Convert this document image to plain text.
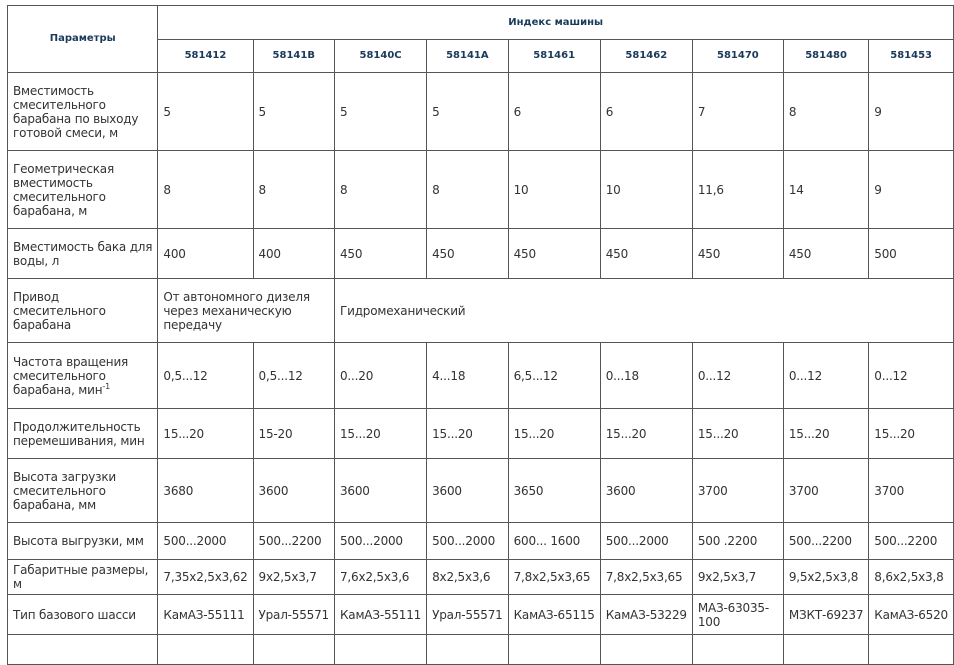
Параметры	Индекс машины								
	581412	58141В	58140С	58141А	581461	581462	581470	581480	581453
Вместимость смесительного барабана по выходу готовой смеси, м	5	5	5	5	6	6	7	8	9
Геометрическая вместимость смесительного барабана, м	8	8	8	8	10	10	11,6	14	9
Вместимость бака для воды, л	400	400	450	450	450	450	450	450	500
Привод смесительного барабана	От автономного дизеля через механическую передачу		Гидромеханический						
Частота вращения смесительного барабана, мин$^{-1}$	0,5...12	0,5...12	0...20	4...18	6,5...12	0...18	0...12	0...12	0...12
Продолжительность перемешивания, мин	15...20	15-20	15...20	15...20	15...20	15...20	15...20	15...20	15...20
Высота загрузки смесительного барабана, мм	3680	3600	3600	3600	3650	3600	3700	3700	3700
Высота выгрузки, мм	500...2000	500...2200	500...2000	500...2000	600... 1600	500...2000	500 .2200	500...2200	500...2200
Габаритные размеры, м	7,35x2,5x3,62	9x2,5x3,7	7,6x2,5x3,6	8x2,5x3,6	7,8x2,5x3,65	7,8x2,5x3,65	9x2,5x3,7	9,5x2,5x3,8	8,6x2,5x3,8
Тип базового шасси	КамАЗ-55111	Урал-55571	КамАЗ-55111	Урал-55571	КамАЗ-65115	КамАЗ-53229	МАЗ-63035-100	МЗКТ-69237	КамАЗ-6520
